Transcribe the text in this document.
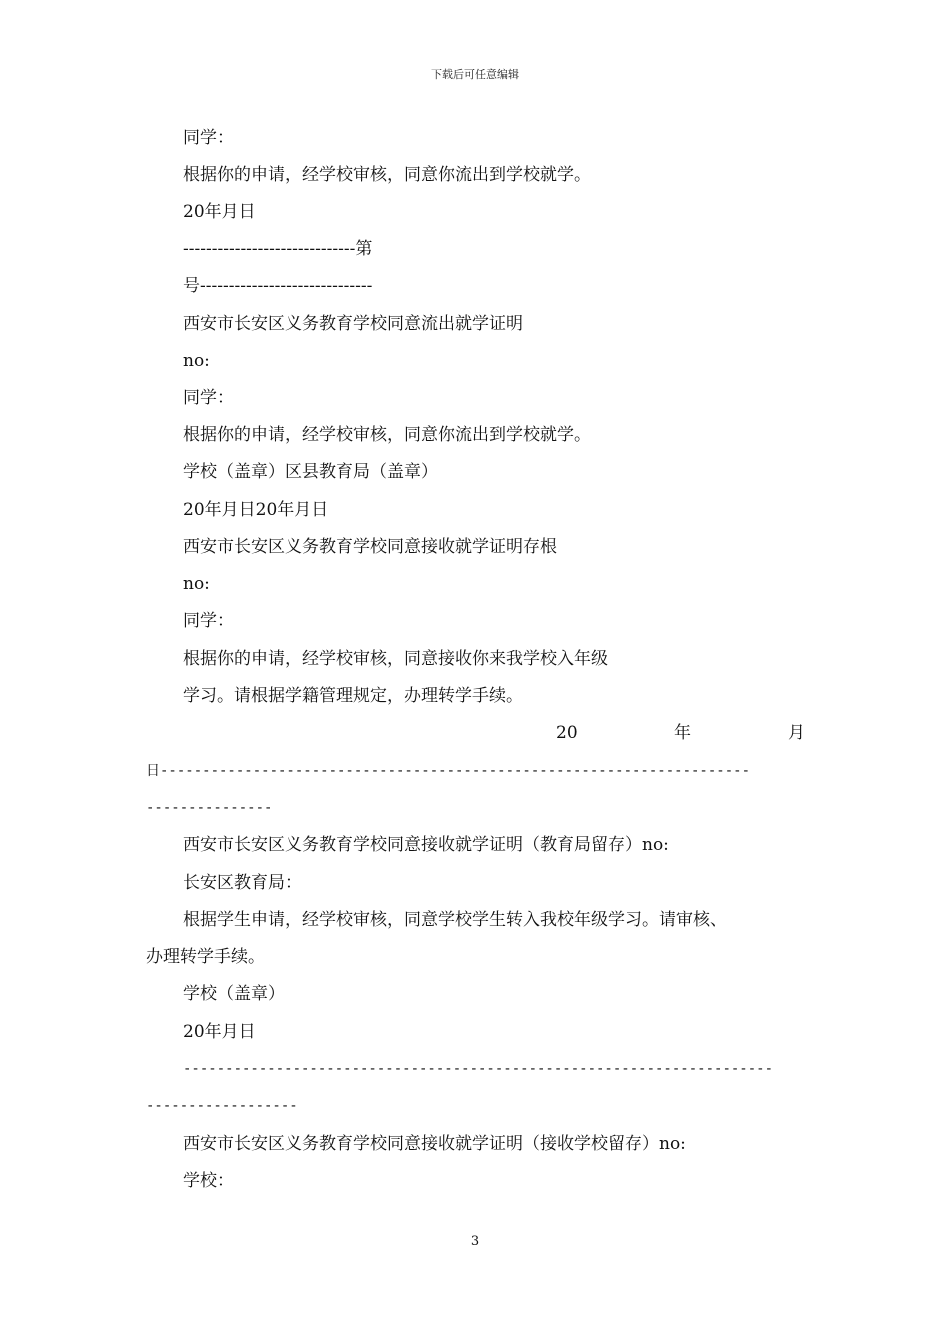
下载后可任意编辑
同学：
根据你的申请，经学校审核，同意你流出到学校就学。
20年月日
------------------------------第
号------------------------------
西安市长安区义务教育学校同意流出就学证明
no:
同学：
根据你的申请，经学校审核，同意你流出到学校就学。
学校（盖章）区县教育局（盖章）
20年月日20年月日
西安市长安区义务教育学校同意接收就学证明存根
no:
同学：
根据你的申请，经学校审核，同意接收你来我学校入年级
学习。请根据学籍管理规定，办理转学手续。
20	年	月
日----------------------------------------------------------------------
---------------
西安市长安区义务教育学校同意接收就学证明（教育局留存）no:
长安区教育局：
根据学生申请，经学校审核，同意学校学生转入我校年级学习。请审核、
办理转学手续。
学校（盖章）
20年月日
----------------------------------------------------------------------
------------------
西安市长安区义务教育学校同意接收就学证明（接收学校留存）no:
学校：
3
